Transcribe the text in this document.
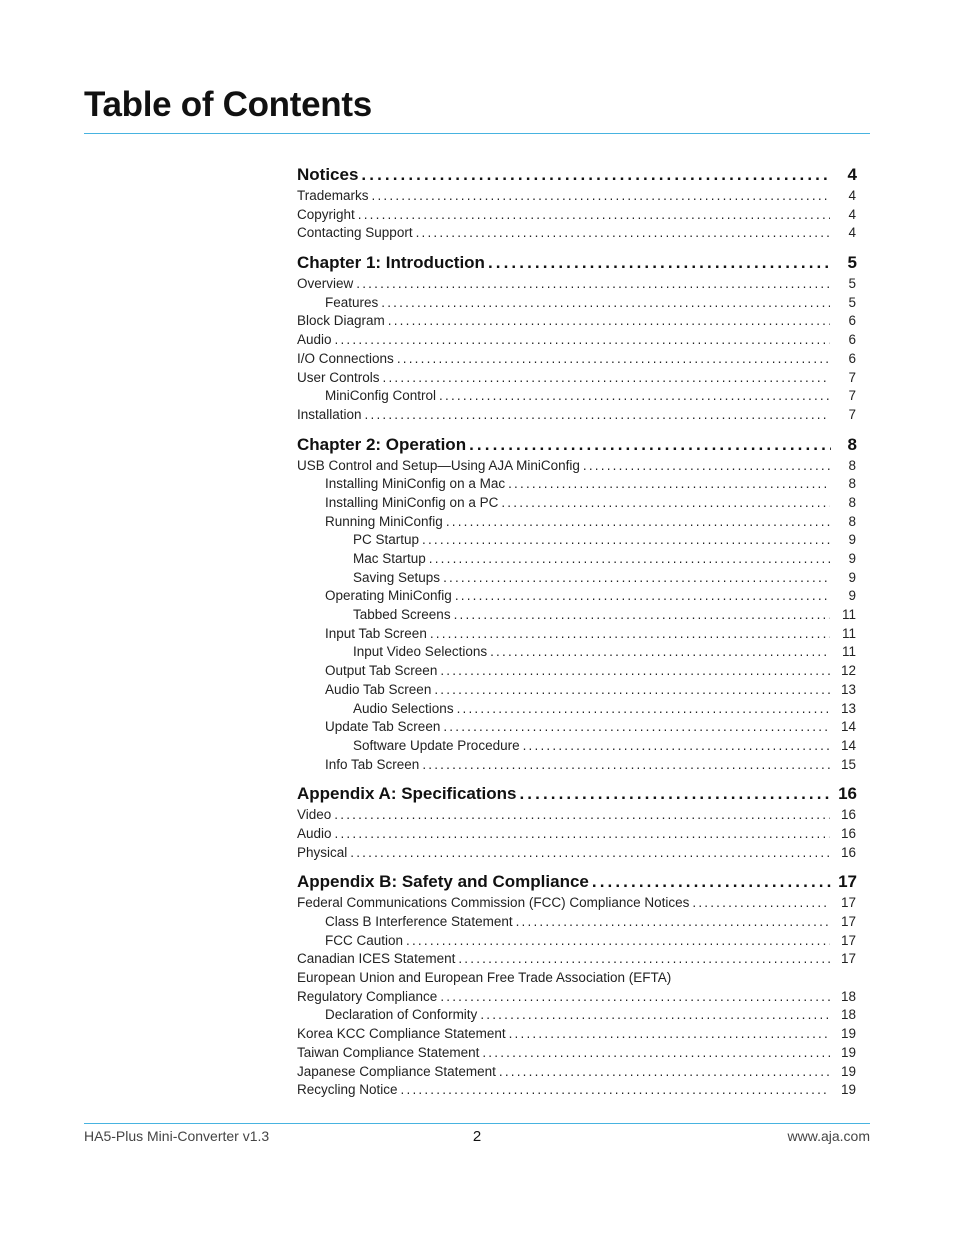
Table of Contents
Notices .....	4
Trademarks .....	4
Copyright .....	4
Contacting Support .....	4
Chapter 1: Introduction .....	5
Overview .....	5
Features .....	5
Block Diagram .....	6
Audio .....	6
I/O Connections .....	6
User Controls .....	7
MiniConfig Control .....	7
Installation .....	7
Chapter 2: Operation .....	8
USB Control and Setup—Using AJA MiniConfig .....	8
Installing MiniConfig on a Mac .....	8
Installing MiniConfig on a PC .....	8
Running MiniConfig .....	8
PC Startup .....	9
Mac Startup .....	9
Saving Setups .....	9
Operating MiniConfig .....	9
Tabbed Screens .....	11
Input Tab Screen .....	11
Input Video Selections .....	11
Output Tab Screen .....	12
Audio Tab Screen .....	13
Audio Selections .....	13
Update Tab Screen .....	14
Software Update Procedure .....	14
Info Tab Screen .....	15
Appendix A: Specifications .....	16
Video .....	16
Audio .....	16
Physical .....	16
Appendix B: Safety and Compliance .....	17
Federal Communications Commission (FCC) Compliance Notices .....	17
Class B Interference Statement .....	17
FCC Caution .....	17
Canadian ICES Statement .....	17
European Union and European Free Trade Association (EFTA)
Regulatory Compliance .....	18
Declaration of Conformity .....	18
Korea KCC Compliance Statement .....	19
Taiwan Compliance Statement .....	19
Japanese Compliance Statement .....	19
Recycling Notice .....	19
HA5-Plus Mini-Converter v1.3	2	www.aja.com
